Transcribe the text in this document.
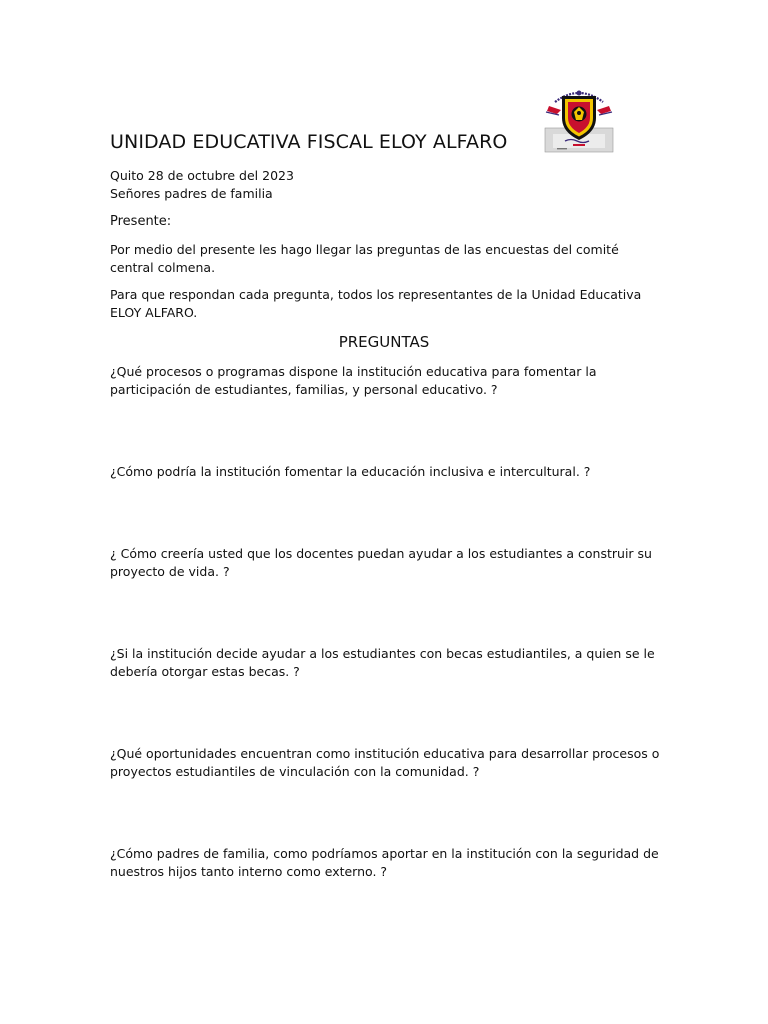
UNIDAD EDUCATIVA FISCAL ELOY ALFARO
Quito 28 de octubre del 2023
Señores padres de familia
Presente:
Por medio del presente les hago llegar las preguntas de las encuestas del comité central colmena.
Para que respondan cada pregunta, todos los representantes de la Unidad Educativa ELOY ALFARO.
PREGUNTAS
¿Qué procesos o programas dispone la institución educativa para fomentar la participación de estudiantes, familias, y personal educativo. ?
¿Cómo podría la institución fomentar la educación inclusiva e intercultural. ?
¿ Cómo creería usted que los docentes puedan ayudar a los estudiantes a construir su proyecto de vida. ?
¿Si la institución decide ayudar a los estudiantes con becas estudiantiles, a quien se le debería otorgar estas becas. ?
¿Qué oportunidades encuentran como institución educativa para desarrollar procesos o proyectos estudiantiles de vinculación con la comunidad. ?
¿Cómo padres de familia, como podríamos aportar en la institución con la seguridad de nuestros hijos tanto interno como externo. ?
